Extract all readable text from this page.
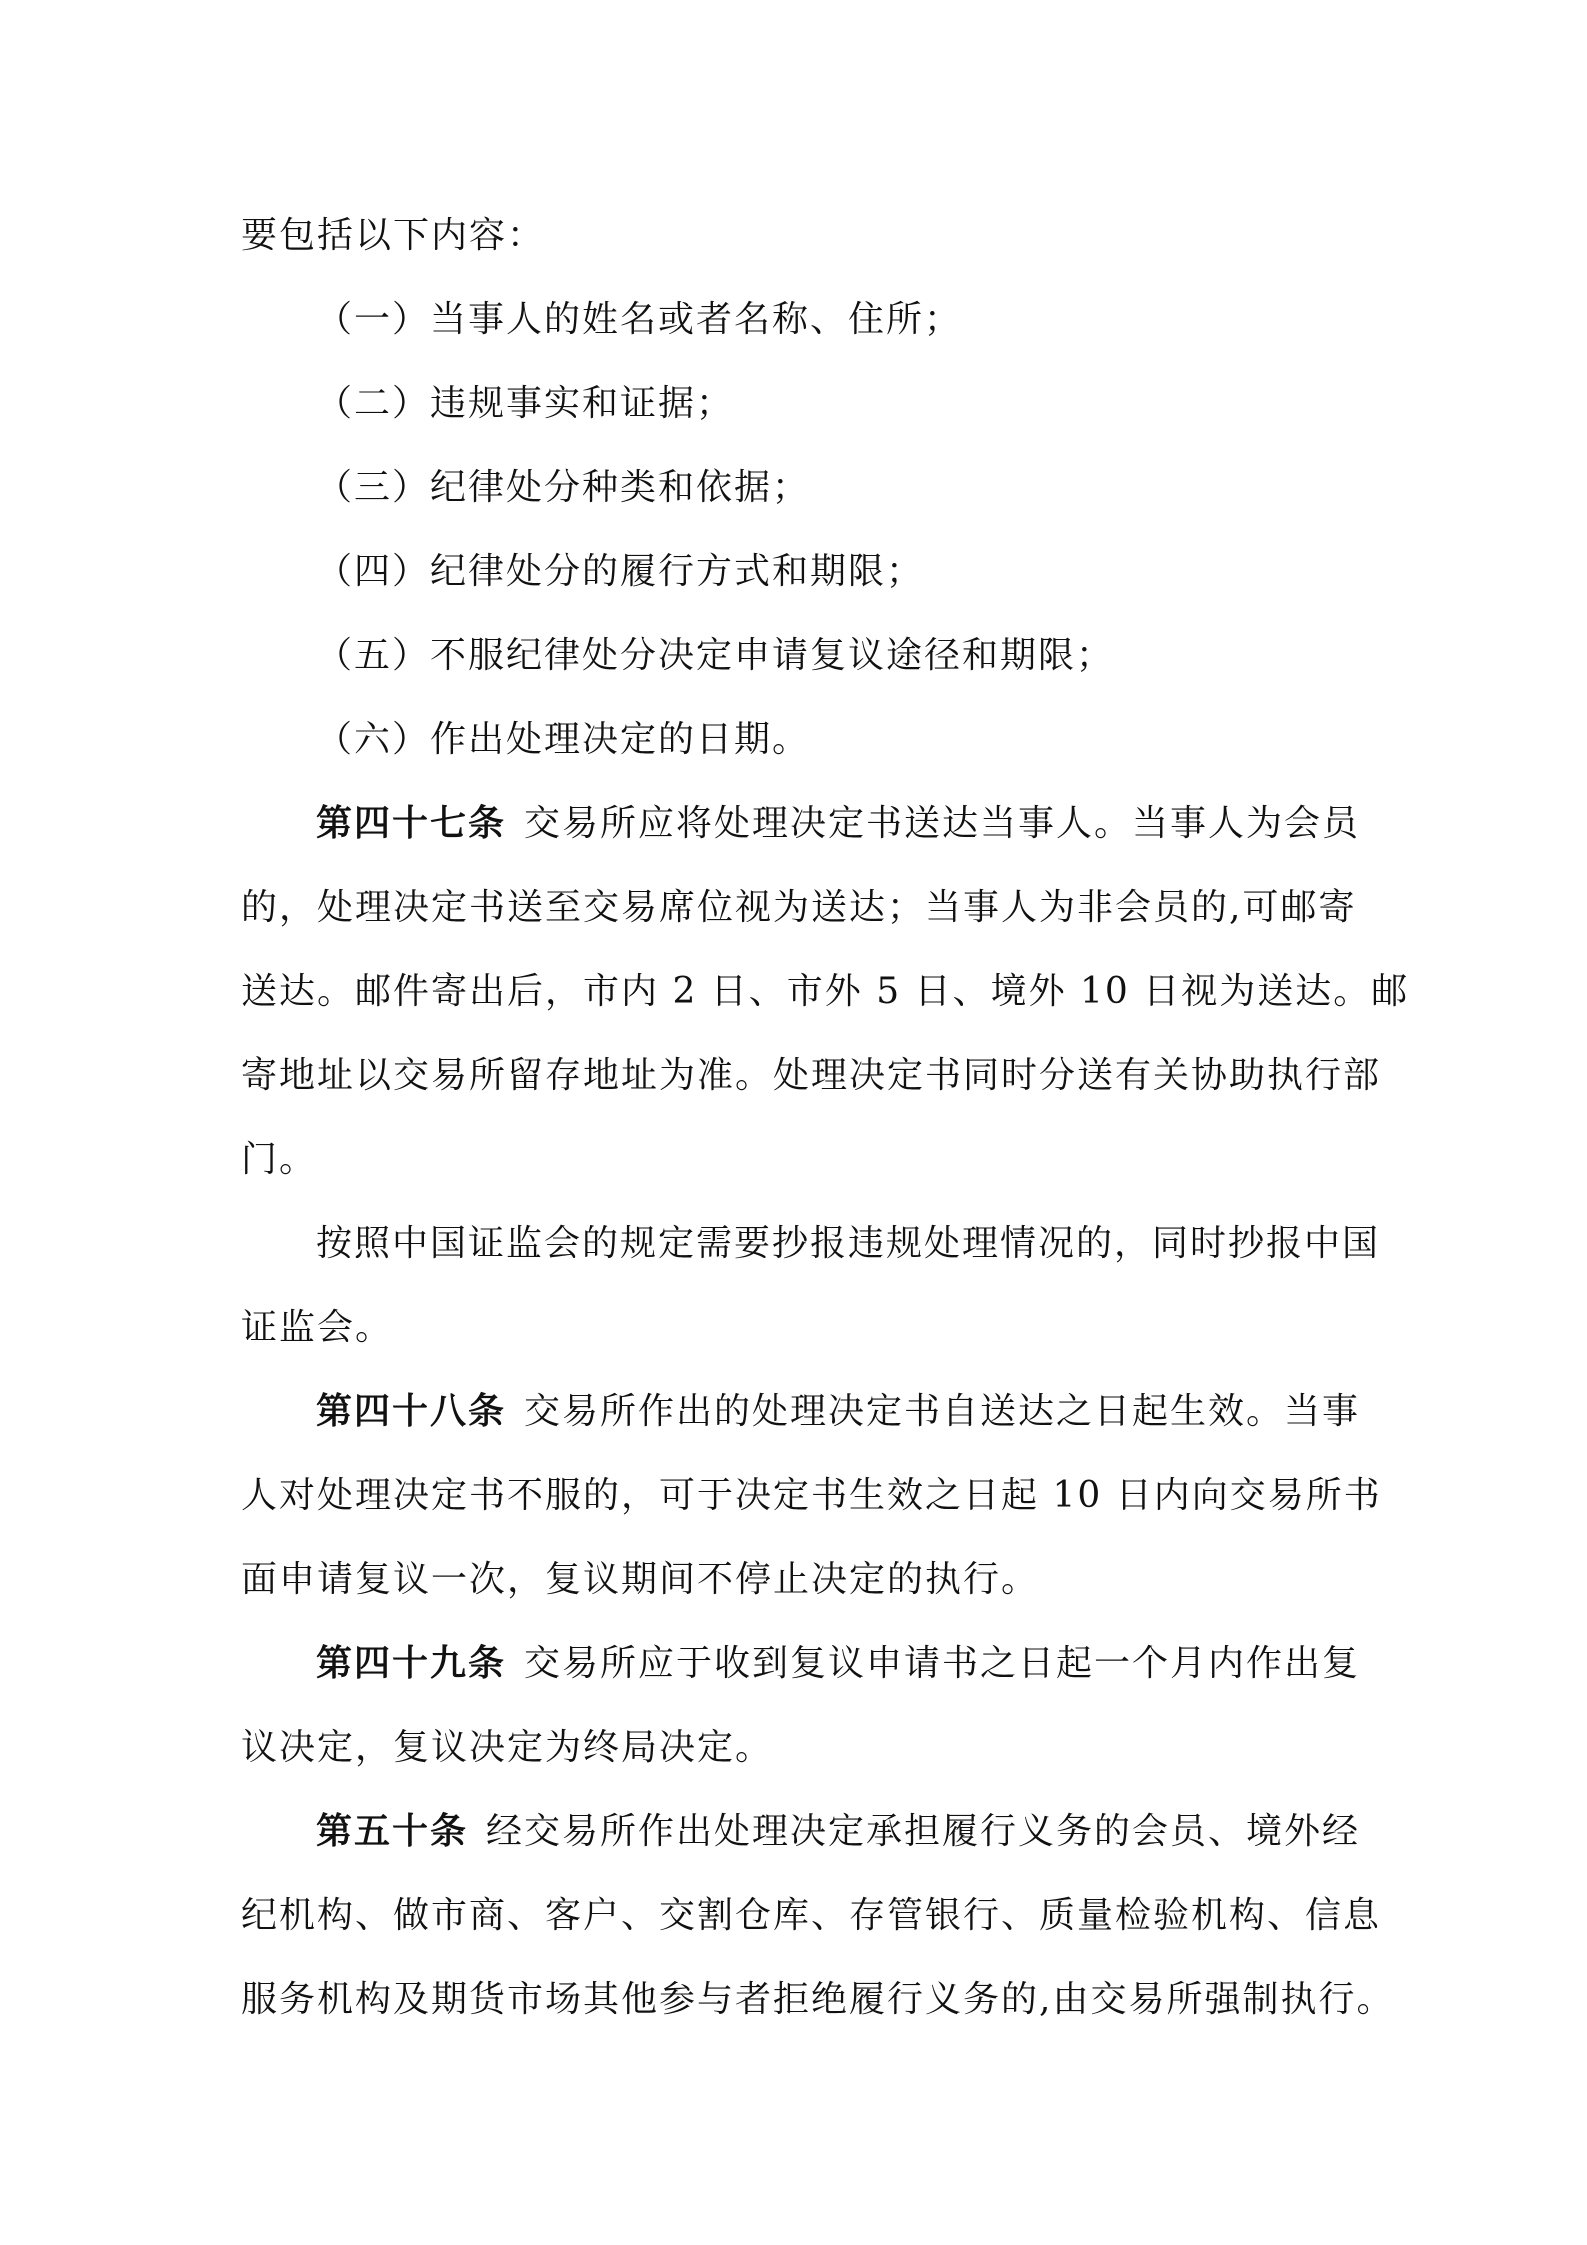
要包括以下内容：
（一）当事人的姓名或者名称、住所；
（二）违规事实和证据；
（三）纪律处分种类和依据；
（四）纪律处分的履行方式和期限；
（五）不服纪律处分决定申请复议途径和期限；
（六）作出处理决定的日期。
第四十七条 交易所应将处理决定书送达当事人。当事人为会员
的，处理决定书送至交易席位视为送达；当事人为非会员的,可邮寄
送达。邮件寄出后，市内 2 日、市外 5 日、境外 10 日视为送达。邮
寄地址以交易所留存地址为准。处理决定书同时分送有关协助执行部
门。
按照中国证监会的规定需要抄报违规处理情况的，同时抄报中国
证监会。
第四十八条 交易所作出的处理决定书自送达之日起生效。当事
人对处理决定书不服的，可于决定书生效之日起 10 日内向交易所书
面申请复议一次，复议期间不停止决定的执行。
第四十九条 交易所应于收到复议申请书之日起一个月内作出复
议决定，复议决定为终局决定。
第五十条 经交易所作出处理决定承担履行义务的会员、境外经
纪机构、做市商、客户、交割仓库、存管银行、质量检验机构、信息
服务机构及期货市场其他参与者拒绝履行义务的,由交易所强制执行。
